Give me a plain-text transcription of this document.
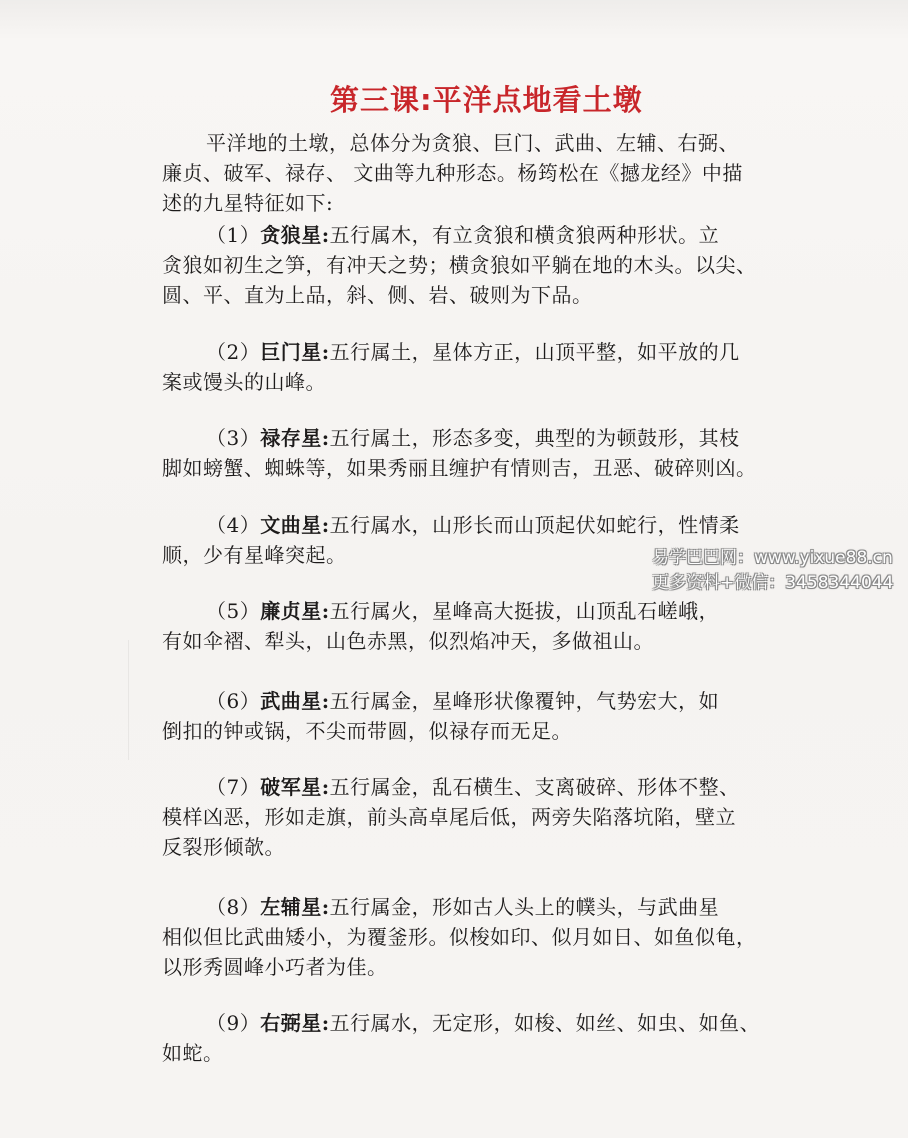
第三课:平洋点地看土墩
平洋地的土墩，总体分为贪狼、巨门、武曲、左辅、右弼、
廉贞、破军、禄存、 文曲等九种形态。杨筠松在《撼龙经》中描
述的九星特征如下:
（1）贪狼星:五行属木，有立贪狼和横贪狼两种形状。立
贪狼如初生之笋，有冲天之势；横贪狼如平躺在地的木头。以尖、
圆、平、直为上品，斜、侧、岩、破则为下品。
（2）巨门星:五行属土，星体方正，山顶平整，如平放的几
案或馒头的山峰。
（3）禄存星:五行属土，形态多变，典型的为顿鼓形，其枝
脚如螃蟹、蜘蛛等，如果秀丽且缠护有情则吉，丑恶、破碎则凶。
（4）文曲星:五行属水，山形长而山顶起伏如蛇行，性情柔
顺，少有星峰突起。
（5）廉贞星:五行属火，星峰高大挺拔，山顶乱石嵯峨，
有如伞褶、犁头，山色赤黑，似烈焰冲天，多做祖山。
（6）武曲星:五行属金，星峰形状像覆钟，气势宏大，如
倒扣的钟或锅，不尖而带圆，似禄存而无足。
（7）破军星:五行属金，乱石横生、支离破碎、形体不整、
模样凶恶，形如走旗，前头高卓尾后低，两旁失陷落坑陷，壁立
反裂形倾欹。
（8）左辅星:五行属金，形如古人头上的幞头，与武曲星
相似但比武曲矮小，为覆釜形。似梭如印、似月如日、如鱼似龟，
以形秀圆峰小巧者为佳。
（9）右弼星:五行属水，无定形，如梭、如丝、如虫、如鱼、
如蛇。
易学巴巴网：www.yixue88.cn
更多资料+微信：3458344044
